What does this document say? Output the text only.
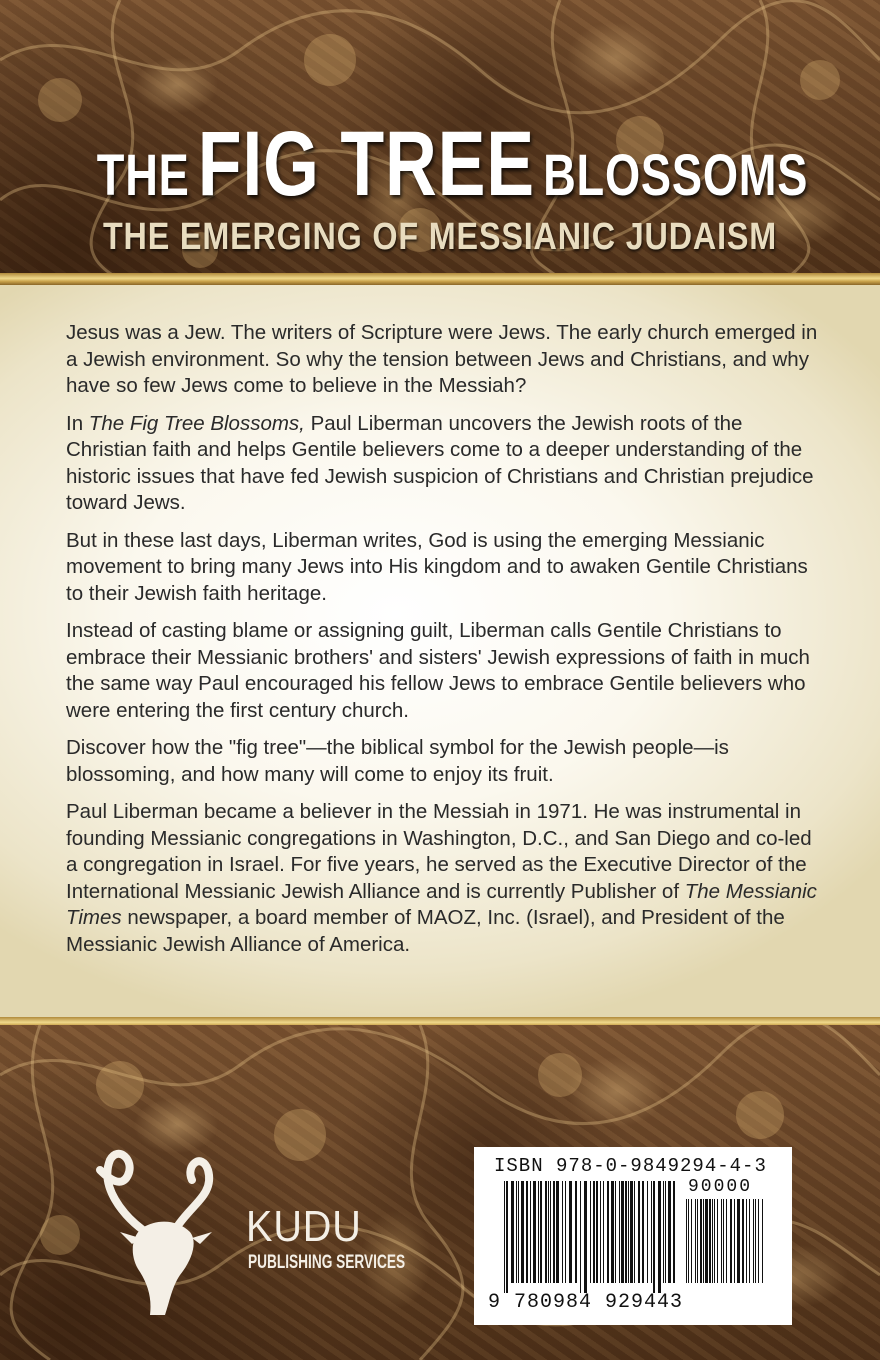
THE FIG TREE BLOSSOMS
THE EMERGING OF MESSIANIC JUDAISM

Jesus was a Jew. The writers of Scripture were Jews. The early church emerged in a Jewish environment. So why the tension between Jews and Christians, and why have so few Jews come to believe in the Messiah?

In The Fig Tree Blossoms, Paul Liberman uncovers the Jewish roots of the Christian faith and helps Gentile believers come to a deeper understanding of the historic issues that have fed Jewish suspicion of Christians and Christian prejudice toward Jews.

But in these last days, Liberman writes, God is using the emerging Messianic movement to bring many Jews into His kingdom and to awaken Gentile Christians to their Jewish faith heritage.

Instead of casting blame or assigning guilt, Liberman calls Gentile Christians to embrace their Messianic brothers' and sisters' Jewish expressions of faith in much the same way Paul encouraged his fellow Jews to embrace Gentile believers who were entering the first century church.

Discover how the "fig tree"—the biblical symbol for the Jewish people—is blossoming, and how many will come to enjoy its fruit.

Paul Liberman became a believer in the Messiah in 1971. He was instrumental in founding Messianic congregations in Washington, D.C., and San Diego and co-led a congregation in Israel. For five years, he served as the Executive Director of the International Messianic Jewish Alliance and is currently Publisher of The Messianic Times newspaper, a board member of MAOZ, Inc. (Israel), and President of the Messianic Jewish Alliance of America.

KUDU
PUBLISHING SERVICES
ISBN 978-0-9849294-4-3
90000
9 780984 929443
